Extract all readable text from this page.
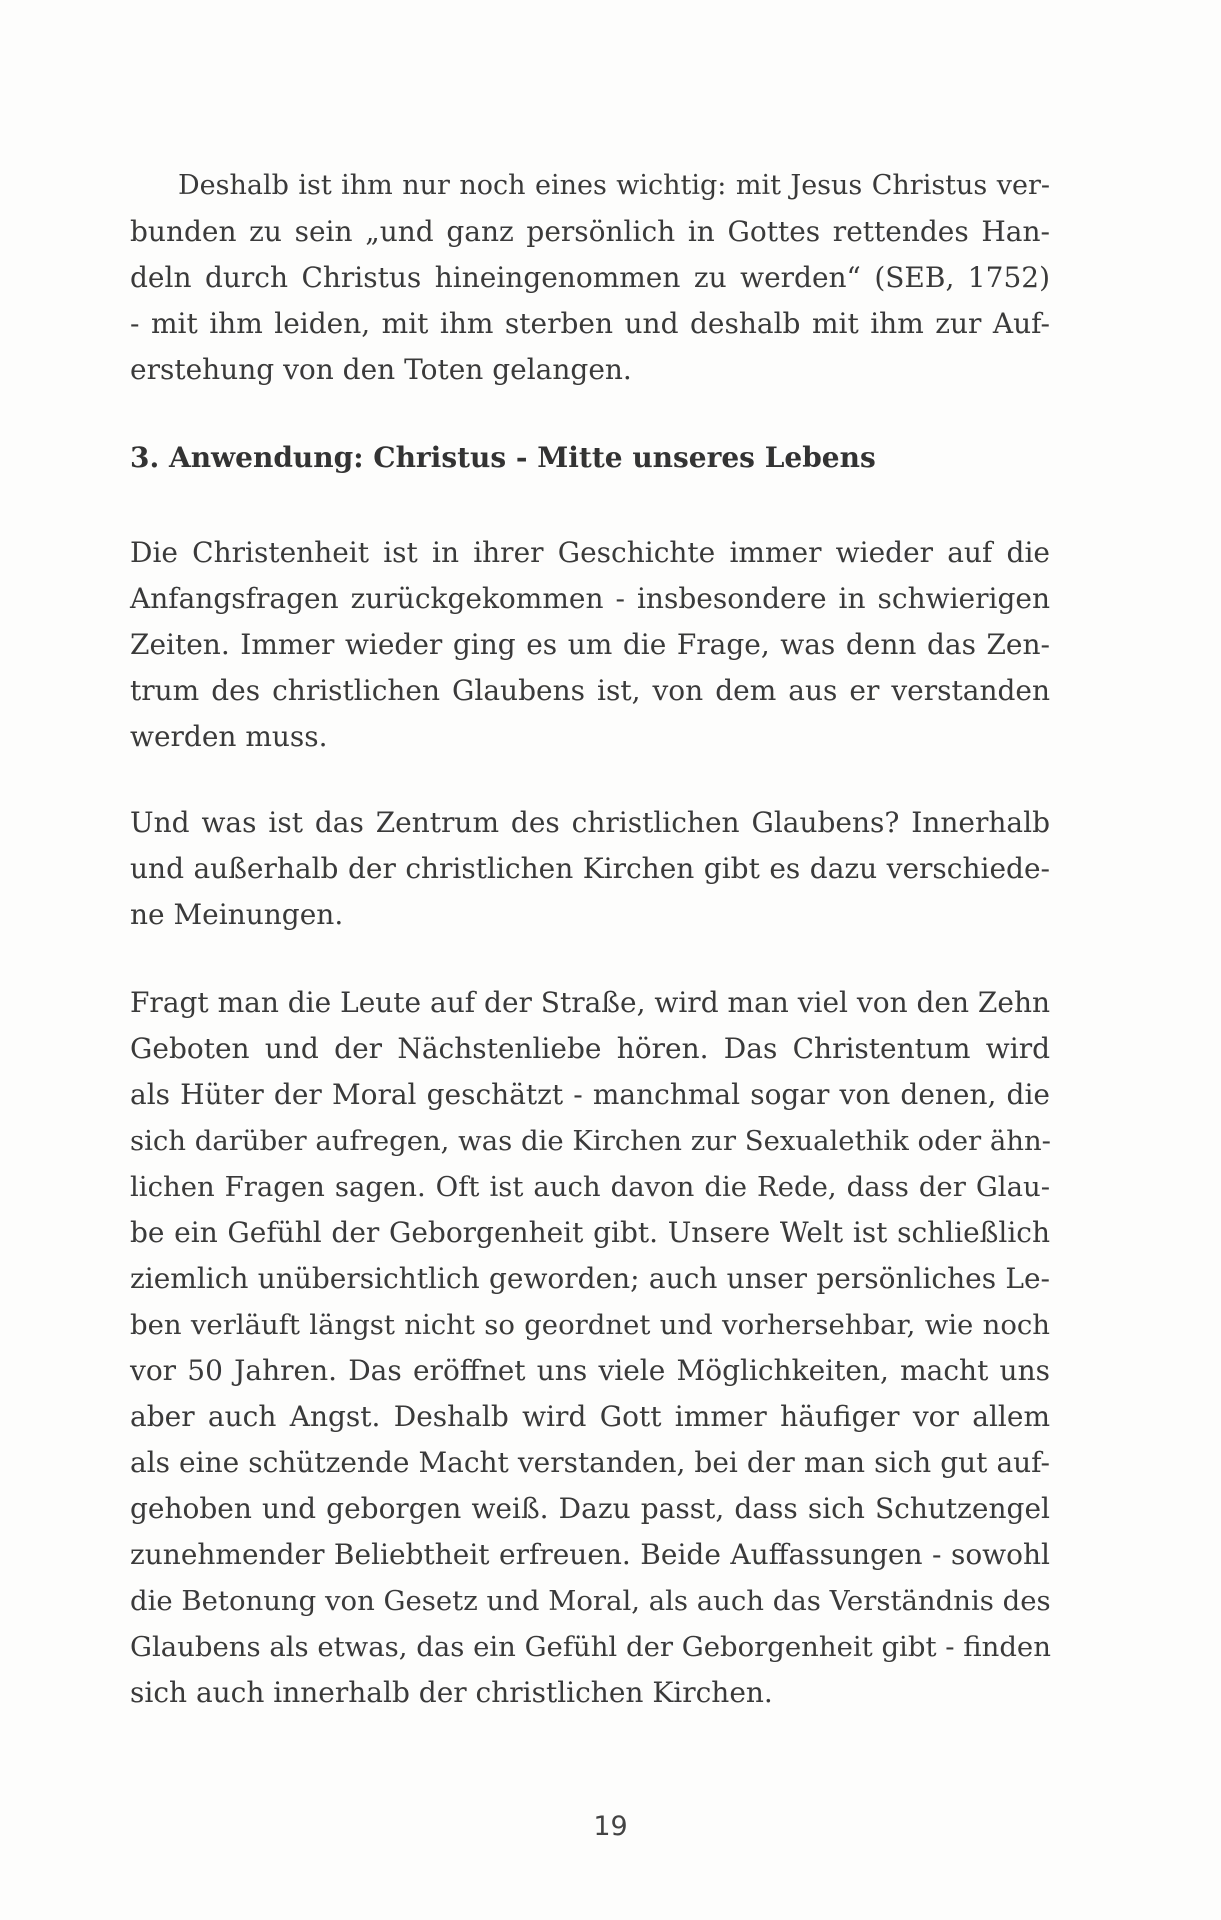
Deshalb ist ihm nur noch eines wichtig: mit Jesus Christus ver-
bunden zu sein „und ganz persönlich in Gottes rettendes Han-
deln durch Christus hineingenommen zu werden“ (SEB, 1752)
- mit ihm leiden, mit ihm sterben und deshalb mit ihm zur Auf-
erstehung von den Toten gelangen.
3. Anwendung: Christus - Mitte unseres Lebens
Die Christenheit ist in ihrer Geschichte immer wieder auf die
Anfangsfragen zurückgekommen - insbesondere in schwierigen
Zeiten. Immer wieder ging es um die Frage, was denn das Zen-
trum des christlichen Glaubens ist, von dem aus er verstanden
werden muss.
Und was ist das Zentrum des christlichen Glaubens? Innerhalb
und außerhalb der christlichen Kirchen gibt es dazu verschiede-
ne Meinungen.
Fragt man die Leute auf der Straße, wird man viel von den Zehn
Geboten und der Nächstenliebe hören. Das Christentum wird
als Hüter der Moral geschätzt - manchmal sogar von denen, die
sich darüber aufregen, was die Kirchen zur Sexualethik oder ähn-
lichen Fragen sagen. Oft ist auch davon die Rede, dass der Glau-
be ein Gefühl der Geborgenheit gibt. Unsere Welt ist schließlich
ziemlich unübersichtlich geworden; auch unser persönliches Le-
ben verläuft längst nicht so geordnet und vorhersehbar, wie noch
vor 50 Jahren. Das eröffnet uns viele Möglichkeiten, macht uns
aber auch Angst. Deshalb wird Gott immer häufiger vor allem
als eine schützende Macht verstanden, bei der man sich gut auf-
gehoben und geborgen weiß. Dazu passt, dass sich Schutzengel
zunehmender Beliebtheit erfreuen. Beide Auffassungen - sowohl
die Betonung von Gesetz und Moral, als auch das Verständnis des
Glaubens als etwas, das ein Gefühl der Geborgenheit gibt - finden
sich auch innerhalb der christlichen Kirchen.
19
